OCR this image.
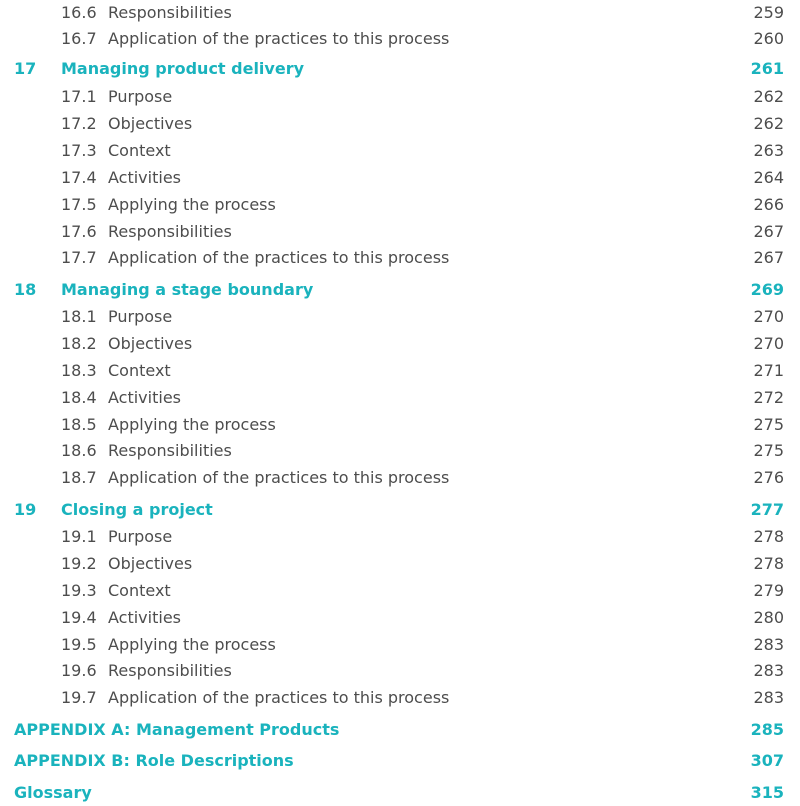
16.6 Responsibilities	259
16.7 Application of the practices to this process	260
17 Managing product delivery	261
17.1 Purpose	262
17.2 Objectives	262
17.3 Context	263
17.4 Activities	264
17.5 Applying the process	266
17.6 Responsibilities	267
17.7 Application of the practices to this process	267
18 Managing a stage boundary	269
18.1 Purpose	270
18.2 Objectives	270
18.3 Context	271
18.4 Activities	272
18.5 Applying the process	275
18.6 Responsibilities	275
18.7 Application of the practices to this process	276
19 Closing a project	277
19.1 Purpose	278
19.2 Objectives	278
19.3 Context	279
19.4 Activities	280
19.5 Applying the process	283
19.6 Responsibilities	283
19.7 Application of the practices to this process	283
APPENDIX A: Management Products	285
APPENDIX B: Role Descriptions	307
Glossary	315
